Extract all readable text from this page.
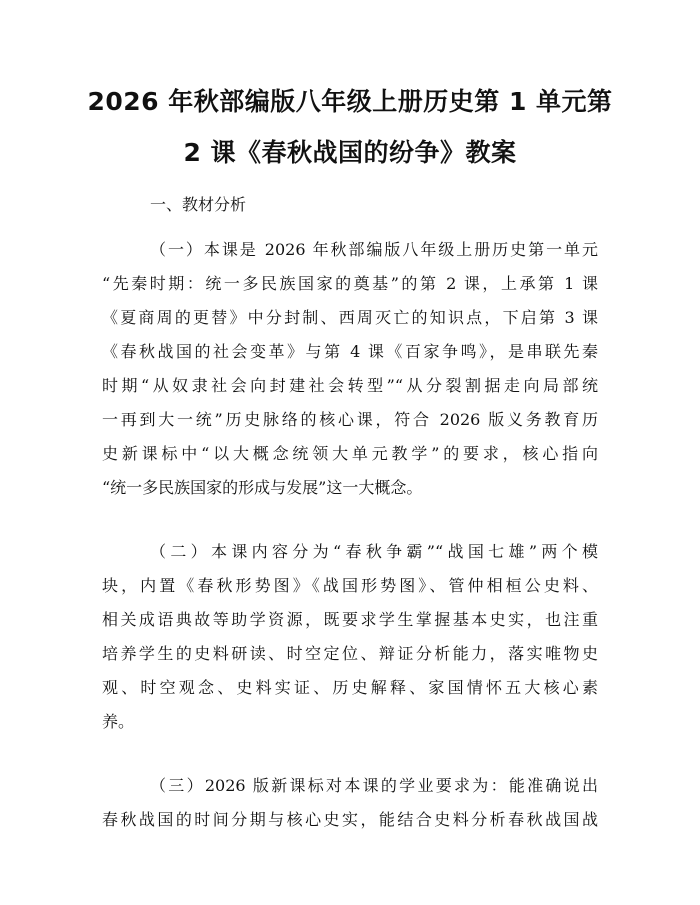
2026 年秋部编版八年级上册历史第 1 单元第
2 课《春秋战国的纷争》教案
一、教材分析
（一）本课是 2026 年秋部编版八年级上册历史第一单元
“先秦时期：统一多民族国家的奠基”的第 2 课，上承第 1 课
《夏商周的更替》中分封制、西周灭亡的知识点，下启第 3 课
《春秋战国的社会变革》与第 4 课《百家争鸣》，是串联先秦
时期“从奴隶社会向封建社会转型”“从分裂割据走向局部统
一再到大一统”历史脉络的核心课，符合 2026 版义务教育历
史新课标中“以大概念统领大单元教学”的要求，核心指向
“统一多民族国家的形成与发展”这一大概念。
（二）本课内容分为“春秋争霸”“战国七雄”两个模
块，内置《春秋形势图》《战国形势图》、管仲相桓公史料、
相关成语典故等助学资源，既要求学生掌握基本史实，也注重
培养学生的史料研读、时空定位、辩证分析能力，落实唯物史
观、时空观念、史料实证、历史解释、家国情怀五大核心素
养。
（三）2026 版新课标对本课的学业要求为：能准确说出
春秋战国的时间分期与核心史实，能结合史料分析春秋战国战
